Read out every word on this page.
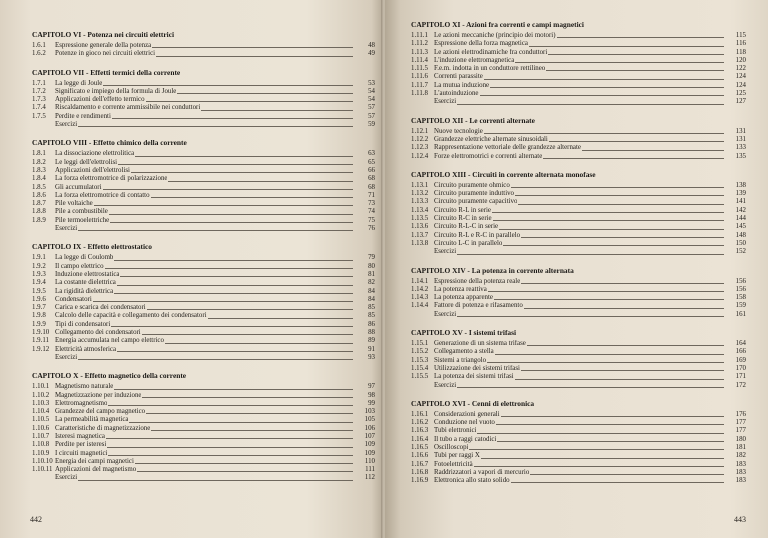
CAPITOLO VI - Potenza nei circuiti elettrici
1.6.1	Espressione generale della potenza	48
1.6.2	Potenze in gioco nei circuiti elettrici	49
CAPITOLO VII - Effetti termici della corrente
1.7.1	La legge di Joule	53
1.7.2	Significato e impiego della formula di Joule	54
1.7.3	Applicazioni dell'effetto termico	54
1.7.4	Riscaldamento e corrente ammissibile nei conduttori	57
1.7.5	Perdite e rendimenti	57
Esercizi	59
CAPITOLO VIII - Effetto chimico della corrente
1.8.1	La dissociazione elettrolitica	63
1.8.2	Le leggi dell'elettrolisi	65
1.8.3	Applicazioni dell'elettrolisi	66
1.8.4	La forza elettromotrice di polarizzazione	68
1.8.5	Gli accumulatori	68
1.8.6	La forza elettromotrice di contatto	71
1.8.7	Pile voltaiche	73
1.8.8	Pile a combustibile	74
1.8.9	Pile termoelettriche	75
Esercizi	76
CAPITOLO IX - Effetto elettrostatico
1.9.1	La legge di Coulomb	79
1.9.2	Il campo elettrico	80
1.9.3	Induzione elettrostatica	81
1.9.4	La costante dielettrica	82
1.9.5	La rigidità dielettrica	84
1.9.6	Condensatori	84
1.9.7	Carica e scarica dei condensatori	85
1.9.8	Calcolo delle capacità e collegamento dei condensatori	85
1.9.9	Tipi di condensatori	86
1.9.10 Collegamento dei condensatori	88
1.9.11 Energia accumulata nel campo elettrico	89
1.9.12 Elettricità atmosferica	91
Esercizi	93
CAPITOLO X - Effetto magnetico della corrente
1.10.1 Magnetismo naturale	97
1.10.2 Magnetizzazione per induzione	98
1.10.3 Elettromagnetismo	99
1.10.4 Grandezze del campo magnetico	103
1.10.5 La permeabilità magnetica	105
1.10.6 Caratteristiche di magnetizzazione	106
1.10.7 Isteresi magnetica	107
1.10.8 Perdite per isteresi	109
1.10.9 I circuiti magnetici	109
1.10.10 Energia dei campi magnetici	110
1.10.11 Applicazioni del magnetismo	111
Esercizi	112
442
CAPITOLO XI - Azioni fra correnti e campi magnetici
1.11.1 Le azioni meccaniche (principio dei motori)	115
1.11.2 Espressione della forza magnetica	116
1.11.3 Le azioni elettrodinamiche fra conduttori	118
1.11.4 L'induzione elettromagnetica	120
1.11.5 F.e.m. indotta in un conduttore rettilineo	122
1.11.6 Correnti parassite	124
1.11.7 La mutua induzione	124
1.11.8 L'autoinduzione	125
Esercizi	127
CAPITOLO XII - Le correnti alternate
1.12.1 Nuove tecnologie	131
1.12.2 Grandezze elettriche alternate sinusoidali	131
1.12.3 Rappresentazione vettoriale delle grandezze alternate	133
1.12.4 Forze elettromotrici e correnti alternate	135
CAPITOLO XIII - Circuiti in corrente alternata monofase
1.13.1 Circuito puramente ohmico	138
1.13.2 Circuito puramente induttivo	139
1.13.3 Circuito puramente capacitivo	141
1.13.4 Circuito R-L in serie	142
1.13.5 Circuito R-C in serie	144
1.13.6 Circuito R-L-C in serie	145
1.13.7 Circuito R-L e R-C in parallelo	148
1.13.8 Circuito L-C in parallelo	150
Esercizi	152
CAPITOLO XIV - La potenza in corrente alternata
1.14.1 Espressione della potenza reale	156
1.14.2 La potenza reattiva	156
1.14.3 La potenza apparente	158
1.14.4 Fattore di potenza e rifasamento	159
Esercizi	161
CAPITOLO XV - I sistemi trifasi
1.15.1 Generazione di un sistema trifase	164
1.15.2 Collegamento a stella	166
1.15.3 Sistemi a triangolo	169
1.15.4 Utilizzazione dei sistemi trifasi	170
1.15.5 La potenza dei sistemi trifasi	171
Esercizi	172
CAPITOLO XVI - Cenni di elettronica
1.16.1 Considerazioni generali	176
1.16.2 Conduzione nel vuoto	177
1.16.3 Tubi elettronici	177
1.16.4 Il tubo a raggi catodici	180
1.16.5 Oscilloscopi	181
1.16.6 Tubi per raggi X	182
1.16.7 Fotoelettricità	183
1.16.8 Raddrizzatori a vapori di mercurio	183
1.16.9 Elettronica allo stato solido	183
443
